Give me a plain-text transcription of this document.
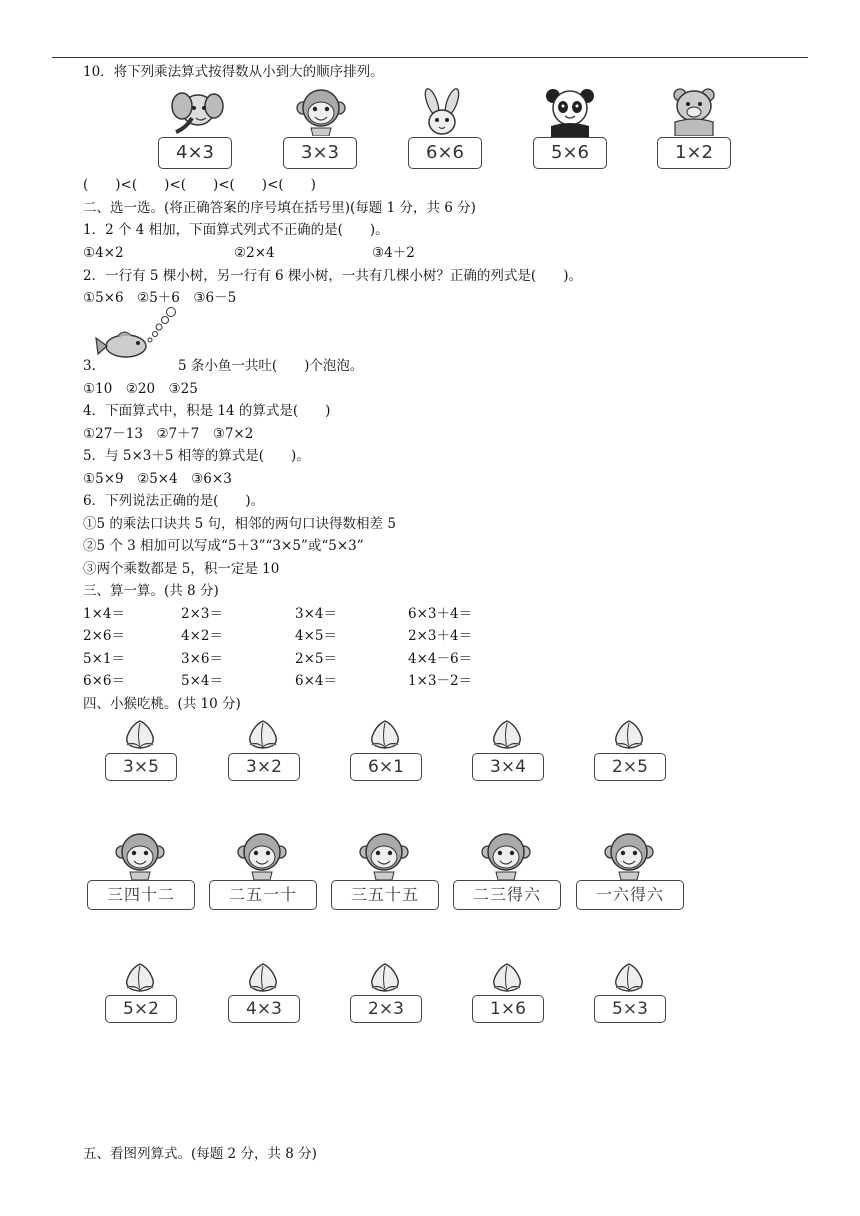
10．将下列乘法算式按得数从小到大的顺序排列。
4×3	3×3	6×6	5×6	1×2
(　　)<(　　)<(　　)<(　　)<(　　)
二、选一选。(将正确答案的序号填在括号里)(每题 1 分，共 6 分)
1．2 个 4 相加，下面算式列式不正确的是(　　)。
①4×2	②2×4	③4＋2
2．一行有 5 棵小树，另一行有 6 棵小树，一共有几棵小树？正确的列式是(　　)。
①5×6　②5＋6　③6－5
3.	5 条小鱼一共吐(　　)个泡泡。
①10　②20　③25
4．下面算式中，积是 14 的算式是(　　)
①27－13　②7＋7　③7×2
5．与 5×3＋5 相等的算式是(　　)。
①5×9　②5×4　③6×3
6．下列说法正确的是(　　)。
①5 的乘法口诀共 5 句，相邻的两句口诀得数相差 5
②5 个 3 相加可以写成“5＋3”“3×5”或“5×3”
③两个乘数都是 5，积一定是 10
三、算一算。(共 8 分)
1×4＝	2×3＝	3×4＝	6×3＋4＝
2×6＝	4×2＝	4×5＝	2×3＋4＝
5×1＝	3×6＝	2×5＝	4×4－6＝
6×6＝	5×4＝	6×4＝	1×3－2＝
四、小猴吃桃。(共 10 分)
3×5	3×2	6×1	3×4	2×5
三四十二	二五一十	三五十五	二三得六	一六得六
5×2	4×3	2×3	1×6	5×3
五、看图列算式。(每题 2 分，共 8 分)
